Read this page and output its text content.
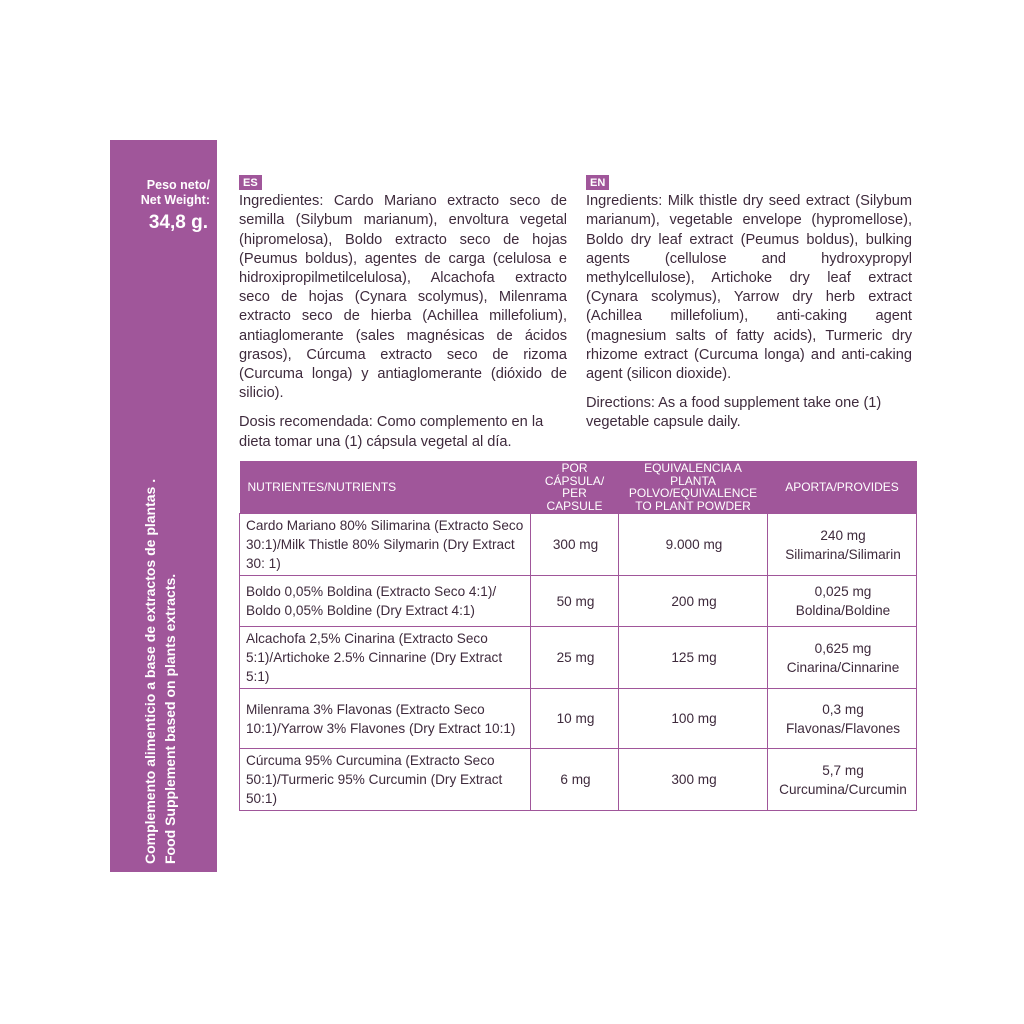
Peso neto/
Net Weight:
34,8 g.
Complemento alimenticio a base de extractos de plantas . Food Supplement based on plants extracts.
ES
Ingredientes: Cardo Mariano extracto seco de semilla (Silybum marianum), envoltura vegetal (hipromelosa), Boldo extracto seco de hojas (Peumus boldus), agentes de carga (celulosa e hidroxipropilmetilcelulosa), Alcachofa extracto seco de hojas (Cynara scolymus), Milenrama extracto seco de hierba (Achillea millefolium), antiaglomerante (sales magnésicas de ácidos grasos), Cúrcuma extracto seco de rizoma (Curcuma longa) y antiaglomerante (dióxido de silicio).
Dosis recomendada: Como complemento en la dieta tomar una (1) cápsula vegetal al día.
EN
Ingredients: Milk thistle dry seed extract (Silybum marianum), vegetable envelope (hypromellose), Boldo dry leaf extract (Peumus boldus), bulking agents (cellulose and hydroxypropyl methylcellulose), Artichoke dry leaf extract (Cynara scolymus), Yarrow dry herb extract (Achillea millefolium), anti-caking agent (magnesium salts of fatty acids), Turmeric dry rhizome extract (Curcuma longa) and anti-caking agent (silicon dioxide).
Directions: As a food supplement take one (1) vegetable capsule daily.
NUTRIENTES/NUTRIENTS	POR CÁPSULA/ PER CAPSULE	EQUIVALENCIA A PLANTA POLVO/EQUIVALENCE TO PLANT POWDER	APORTA/PROVIDES
Cardo Mariano 80% Silimarina (Extracto Seco 30:1)/Milk Thistle 80% Silymarin (Dry Extract 30: 1)	300 mg	9.000 mg	240 mg
Silimarina/Silimarin

Boldo 0,05% Boldina (Extracto Seco 4:1)/ Boldo 0,05% Boldine (Dry Extract 4:1)	50 mg	200 mg	0,025 mg
Boldina/Boldine

Alcachofa 2,5% Cinarina (Extracto Seco 5:1)/Artichoke 2.5% Cinnarine (Dry Extract 5:1)	25 mg	125 mg	0,625 mg
Cinarina/Cinnarine

Milenrama 3% Flavonas (Extracto Seco 10:1)/Yarrow 3% Flavones (Dry Extract 10:1)	10 mg	100 mg	0,3 mg
Flavonas/Flavones

Cúrcuma 95% Curcumina (Extracto Seco 50:1)/Turmeric 95% Curcumin (Dry Extract 50:1)	6 mg	300 mg	5,7 mg
Curcumina/Curcumin
